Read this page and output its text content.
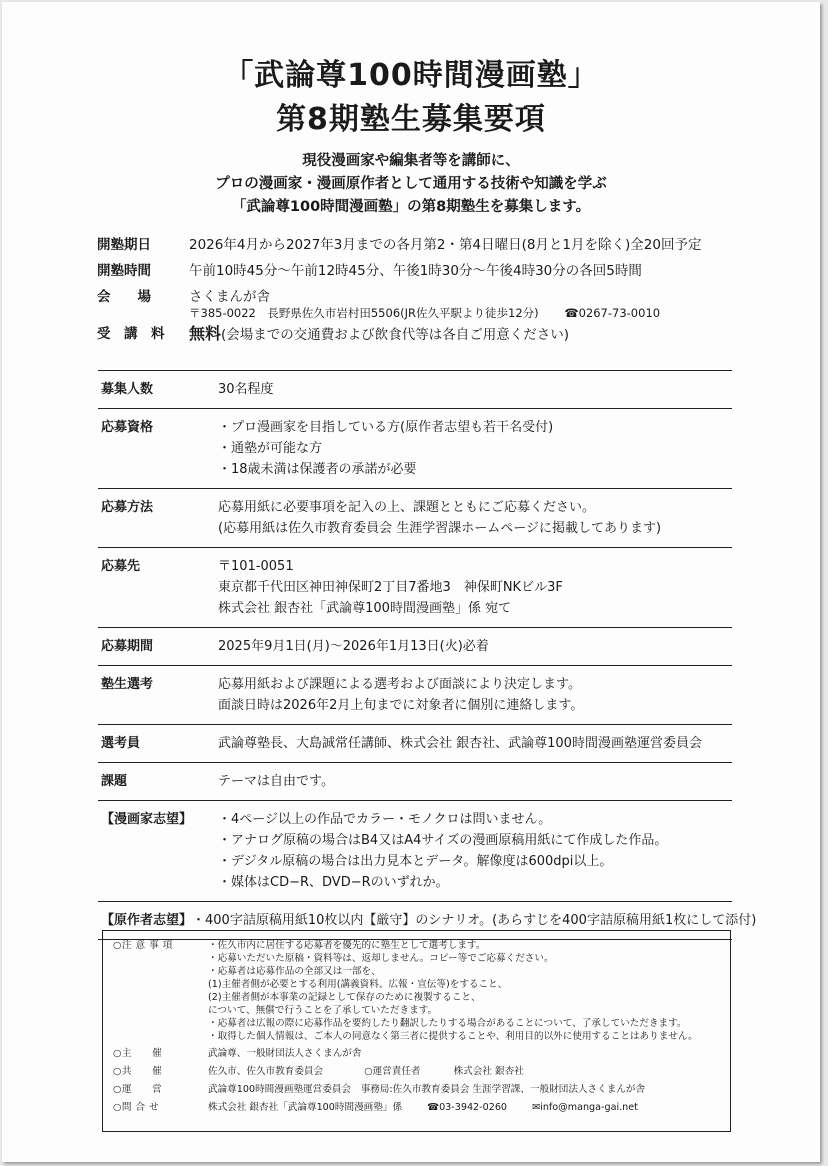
「武論尊100時間漫画塾」
第8期塾生募集要項
現役漫画家や編集者等を講師に、
プロの漫画家・漫画原作者として通用する技術や知識を学ぶ
「武論尊100時間漫画塾」の第8期塾生を募集します。
開塾期日	2026年4月から2027年3月までの各月第2・第4日曜日(8月と1月を除く)全20回予定
開塾時間	午前10時45分～午前12時45分、午後1時30分～午後4時30分の各回5時間
会　　場	さくまんが舎
〒385-0022　長野県佐久市岩村田5506(JR佐久平駅より徒歩12分) ☎0267-73-0010
受　講　料	無料(会場までの交通費および飲食代等は各自ご用意ください)
募集人数	30名程度
応募資格	・プロ漫画家を目指している方(原作者志望も若干名受付)
・通塾が可能な方
・18歳未満は保護者の承諾が必要
応募方法	応募用紙に必要事項を記入の上、課題とともにご応募ください。
(応募用紙は佐久市教育委員会 生涯学習課ホームページに掲載してあります)
応募先	〒101-0051
東京都千代田区神田神保町2丁目7番地3　神保町NKビル3F
株式会社 銀杏社「武論尊100時間漫画塾」係 宛て
応募期間	2025年9月1日(月)～2026年1月13日(火)必着
塾生選考	応募用紙および課題による選考および面談により決定します。
面談日時は2026年2月上旬までに対象者に個別に連絡します。
選考員	武論尊塾長、大島誠常任講師、株式会社 銀杏社、武論尊100時間漫画塾運営委員会
課題	テーマは自由です。
【漫画家志望】	・4ページ以上の作品でカラー・モノクロは問いません。
・アナログ原稿の場合はB4又はA4サイズの漫画原稿用紙にて作成した作品。
・デジタル原稿の場合は出力見本とデータ。解像度は600dpi以上。
・媒体はCD−R、DVD−Rのいずれか。
【原作者志望】 ・400字詰原稿用紙10枚以内【厳守】のシナリオ。(あらすじを400字詰原稿用紙1枚にして添付)
○注 意 事 項	・佐久市内に居住する応募者を優先的に塾生として選考します。
・応募いただいた原稿・資料等は、返却しません。コピー等でご応募ください。
・応募者は応募作品の全部又は一部を、
(1)主催者側が必要とする利用(講義資料、広報・宣伝等)をすること、
(2)主催者側が本事業の記録として保存のために複製すること、
について、無償で行うことを了承していただきます。
・応募者は広報の際に応募作品を要約したり翻訳したりする場合があることについて、了承していただきます。
・取得した個人情報は、ご本人の同意なく第三者に提供することや、利用目的以外に使用することはありません。
○主　　催	武論尊、一般財団法人さくまんが舎
○共　　催	佐久市、佐久市教育委員会	○運営責任者	株式会社 銀杏社
○運　　営	武論尊100時間漫画塾運営委員会　事務局:佐久市教育委員会 生涯学習課、一般財団法人さくまんが舎
○問 合 せ	株式会社 銀杏社「武論尊100時間漫画塾」係	☎03-3942-0260	✉info@manga-gai.net
